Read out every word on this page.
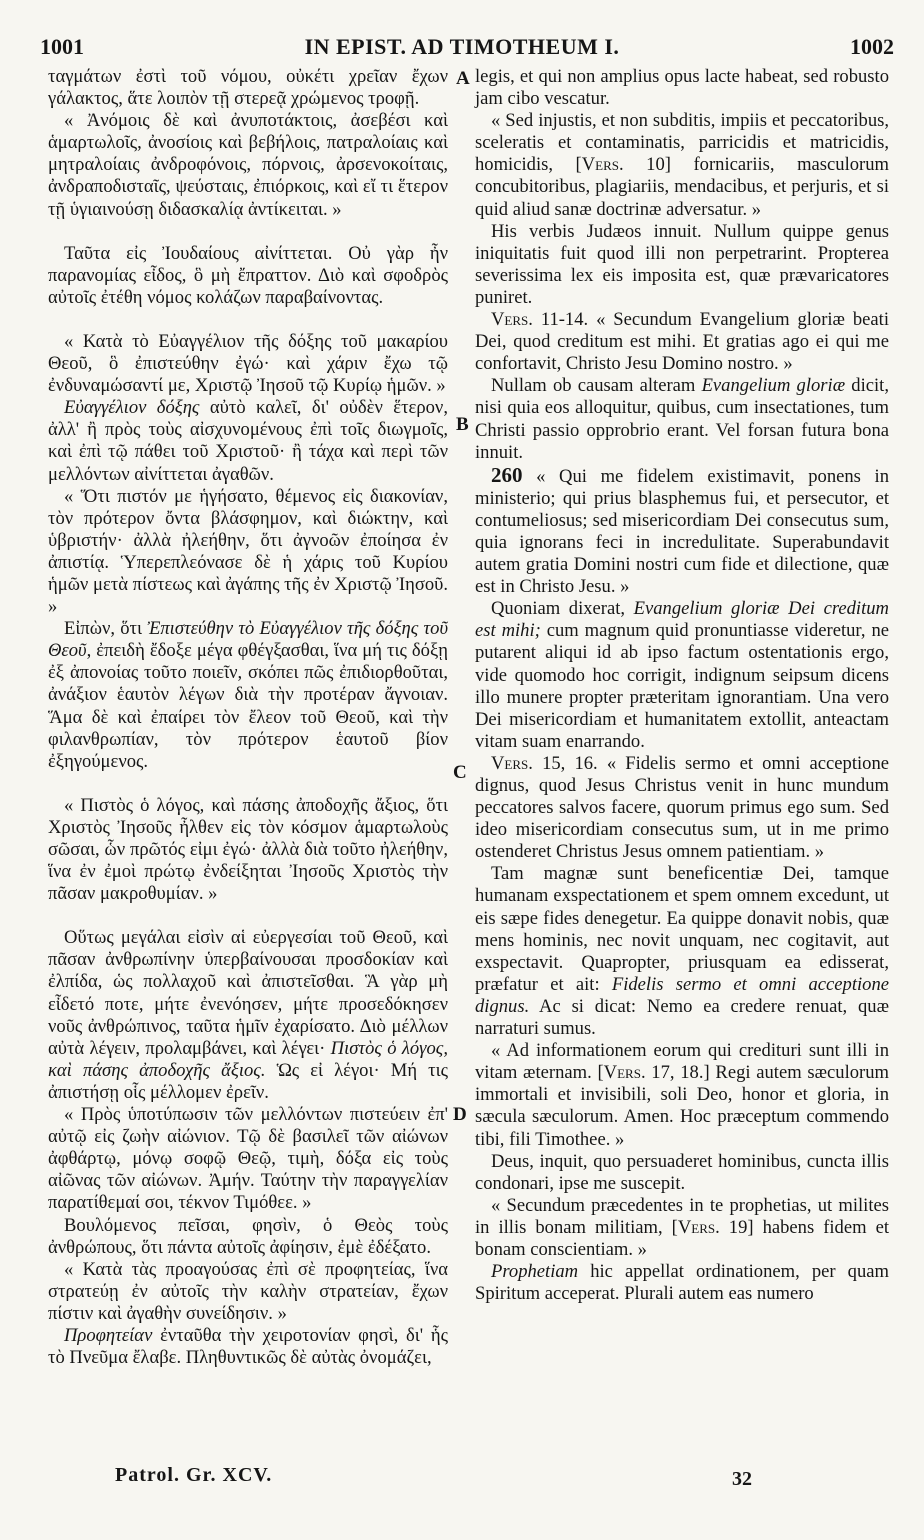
1001	IN EPIST. AD TIMOTHEUM I.	1002

ταγμάτων ἐστὶ τοῦ νόμου, οὐκέτι χρεῖαν ἔχων γάλακτος, ἅτε λοιπὸν τῇ στερεᾷ χρώμενος τροφῇ.

« Ἀνόμοις δὲ καὶ ἀνυποτάκτοις, ἀσεβέσι καὶ ἁμαρτωλοῖς, ἀνοσίοις καὶ βεβήλοις, πατραλοίαις καὶ μητραλοίαις ἀνδροφόνοις, πόρνοις, ἀρσενοκοίταις, ἀνδραποδισταῖς, ψεύσταις, ἐπιόρκοις, καὶ εἴ τι ἕτερον τῇ ὑγιαινούσῃ διδασκαλίᾳ ἀντίκειται. »

Ταῦτα εἰς Ἰουδαίους αἰνίττεται. Οὐ γὰρ ἦν παρανομίας εἶδος, ὃ μὴ ἔπραττον. Διὸ καὶ σφοδρὸς αὐτοῖς ἐτέθη νόμος κολάζων παραβαίνοντας.

« Κατὰ τὸ Εὐαγγέλιον τῆς δόξης τοῦ μακαρίου Θεοῦ, ὃ ἐπιστεύθην ἐγώ· καὶ χάριν ἔχω τῷ ἐνδυναμώσαντί με, Χριστῷ Ἰησοῦ τῷ Κυρίῳ ἡμῶν. »

Εὐαγγέλιον δόξης αὐτὸ καλεῖ, δι' οὐδὲν ἕτερον, ἀλλ' ἢ πρὸς τοὺς αἰσχυνομένους ἐπὶ τοῖς διωγμοῖς, καὶ ἐπὶ τῷ πάθει τοῦ Χριστοῦ· ἢ τάχα καὶ περὶ τῶν μελλόντων αἰνίττεται ἀγαθῶν.

« Ὅτι πιστόν με ἡγήσατο, θέμενος εἰς διακονίαν, τὸν πρότερον ὄντα βλάσφημον, καὶ διώκτην, καὶ ὑβριστήν· ἀλλὰ ἠλεήθην, ὅτι ἀγνοῶν ἐποίησα ἐν ἀπιστίᾳ. Ὑπερεπλεόνασε δὲ ἡ χάρις τοῦ Κυρίου ἡμῶν μετὰ πίστεως καὶ ἀγάπης τῆς ἐν Χριστῷ Ἰησοῦ. »

Εἰπὼν, ὅτι Ἐπιστεύθην τὸ Εὐαγγέλιον τῆς δόξης τοῦ Θεοῦ, ἐπειδὴ ἔδοξε μέγα φθέγξασθαι, ἵνα μή τις δόξῃ ἐξ ἀπονοίας τοῦτο ποιεῖν, σκόπει πῶς ἐπιδιορθοῦται, ἀνάξιον ἑαυτὸν λέγων διὰ τὴν προτέραν ἄγνοιαν. Ἅμα δὲ καὶ ἐπαίρει τὸν ἔλεον τοῦ Θεοῦ, καὶ τὴν φιλανθρωπίαν, τὸν πρότερον ἑαυτοῦ βίον ἐξηγούμενος.

« Πιστὸς ὁ λόγος, καὶ πάσης ἀποδοχῆς ἄξιος, ὅτι Χριστὸς Ἰησοῦς ἦλθεν εἰς τὸν κόσμον ἁμαρτωλοὺς σῶσαι, ὧν πρῶτός εἰμι ἐγώ· ἀλλὰ διὰ τοῦτο ἠλεήθην, ἵνα ἐν ἐμοὶ πρώτῳ ἐνδείξηται Ἰησοῦς Χριστὸς τὴν πᾶσαν μακροθυμίαν. »

Οὕτως μεγάλαι εἰσὶν αἱ εὐεργεσίαι τοῦ Θεοῦ, καὶ πᾶσαν ἀνθρωπίνην ὑπερβαίνουσαι προσδοκίαν καὶ ἐλπίδα, ὡς πολλαχοῦ καὶ ἀπιστεῖσθαι. Ἃ γὰρ μὴ εἶδετό ποτε, μήτε ἐνενόησεν, μήτε προσεδόκησεν νοῦς ἀνθρώπινος, ταῦτα ἡμῖν ἐχαρίσατο. Διὸ μέλλων αὐτὰ λέγειν, προλαμβάνει, καὶ λέγει· Πιστὸς ὁ λόγος, καὶ πάσης ἀποδοχῆς ἄξιος. Ὡς εἰ λέγοι· Μή τις ἀπιστήσῃ οἷς μέλλομεν ἐρεῖν.

« Πρὸς ὑποτύπωσιν τῶν μελλόντων πιστεύειν ἐπ' αὐτῷ εἰς ζωὴν αἰώνιον. Τῷ δὲ βασιλεῖ τῶν αἰώνων ἀφθάρτῳ, μόνῳ σοφῷ Θεῷ, τιμὴ, δόξα εἰς τοὺς αἰῶνας τῶν αἰώνων. Ἀμήν. Ταύτην τὴν παραγγελίαν παρατίθεμαί σοι, τέκνον Τιμόθεε. »

Βουλόμενος πεῖσαι, φησὶν, ὁ Θεὸς τοὺς ἀνθρώπους, ὅτι πάντα αὐτοῖς ἀφίησιν, ἐμὲ ἐδέξατο.

« Κατὰ τὰς προαγούσας ἐπὶ σὲ προφητείας, ἵνα στρατεύῃ ἐν αὐτοῖς τὴν καλὴν στρατείαν, ἔχων πίστιν καὶ ἀγαθὴν συνείδησιν. »

Προφητείαν ἐνταῦθα τὴν χειροτονίαν φησὶ, δι' ἧς τὸ Πνεῦμα ἔλαβε. Πληθυντικῶς δὲ αὐτὰς ὀνομάζει,

legis, et qui non amplius opus lacte habeat, sed robusto jam cibo vescatur.

« Sed injustis, et non subditis, impiis et peccatoribus, sceleratis et contaminatis, parricidis et matricidis, homicidis, [Vers. 10] fornicariis, masculorum concubitoribus, plagiariis, mendacibus, et perjuris, et si quid aliud sanæ doctrinæ adversatur. »

His verbis Judæos innuit. Nullum quippe genus iniquitatis fuit quod illi non perpetrarint. Propterea severissima lex eis imposita est, quæ prævaricatores puniret.

Vers. 11-14. « Secundum Evangelium gloriæ beati Dei, quod creditum est mihi. Et gratias ago ei qui me confortavit, Christo Jesu Domino nostro. »

Nullam ob causam alteram Evangelium gloriæ dicit, nisi quia eos alloquitur, quibus, cum insectationes, tum Christi passio opprobrio erant. Vel forsan futura bona innuit.

260 « Qui me fidelem existimavit, ponens in ministerio; qui prius blasphemus fui, et persecutor, et contumeliosus; sed misericordiam Dei consecutus sum, quia ignorans feci in incredulitate. Superabundavit autem gratia Domini nostri cum fide et dilectione, quæ est in Christo Jesu. »

Quoniam dixerat, Evangelium gloriæ Dei creditum est mihi; cum magnum quid pronuntiasse videretur, ne putarent aliqui id ab ipso factum ostentationis ergo, vide quomodo hoc corrigit, indignum seipsum dicens illo munere propter præteritam ignorantiam. Una vero Dei misericordiam et humanitatem extollit, anteactam vitam suam enarrando.

Vers. 15, 16. « Fidelis sermo et omni acceptione dignus, quod Jesus Christus venit in hunc mundum peccatores salvos facere, quorum primus ego sum. Sed ideo misericordiam consecutus sum, ut in me primo ostenderet Christus Jesus omnem patientiam. »

Tam magnæ sunt beneficentiæ Dei, tamque humanam exspectationem et spem omnem excedunt, ut eis sæpe fides denegetur. Ea quippe donavit nobis, quæ mens hominis, nec novit unquam, nec cogitavit, aut exspectavit. Quapropter, priusquam ea edisserat, præfatur et ait: Fidelis sermo et omni acceptione dignus. Ac si dicat: Nemo ea credere renuat, quæ narraturi sumus.

« Ad informationem eorum qui credituri sunt illi in vitam æternam. [Vers. 17, 18.] Regi autem sæculorum immortali et invisibili, soli Deo, honor et gloria, in sæcula sæculorum. Amen. Hoc præceptum commendo tibi, fili Timothee. »

Deus, inquit, quo persuaderet hominibus, cuncta illis condonari, ipse me suscepit.

« Secundum præcedentes in te prophetias, ut milites in illis bonam militiam, [Vers. 19] habens fidem et bonam conscientiam. »

Prophetiam hic appellat ordinationem, per quam Spiritum acceperat. Plurali autem eas numero

A
B
C
D
Patrol. Gr. XCV.	32
